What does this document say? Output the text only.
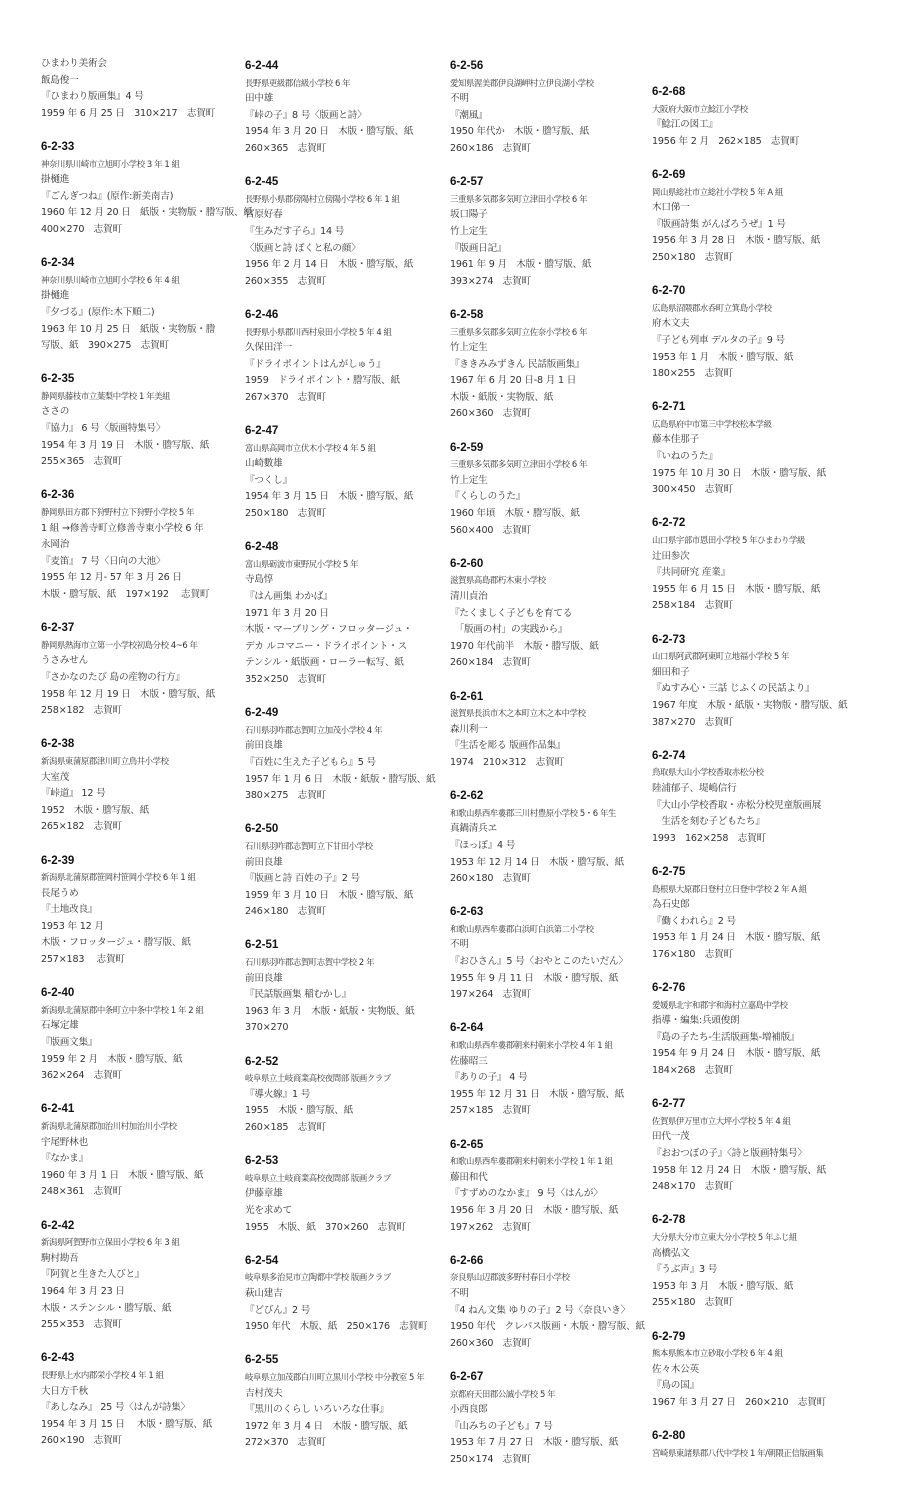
ひまわり美術会
飯島俊一
『ひまわり版画集』4 号
1959 年 6 月 25 日　310×217　志賀町
6-2-33
神奈川県川崎市立旭町小学校 3 年 1 組
掛樋進
『ごんぎつね』(原作:新美南吉)
1960 年 12 月 20 日　紙版・実物版・謄写版、紙
400×270　志賀町
6-2-34
神奈川県川崎市立旭町小学校 6 年 4 組
掛樋進
『夕づる』(原作:木下順二)
1963 年 10 月 25 日　紙版・実物版・謄
写版、紙　390×275　志賀町
6-2-35
静岡県藤枝市立葉梨中学校 1 年美組
ささの
『協力』 6 号〈版画特集号〉
1954 年 3 月 19 日　木版・謄写版、紙
255×365　志賀町
6-2-36
静岡県田方郡下狩野村立下狩野小学校 5 年
1 組 →修善寺町立修善寺東小学校 6 年
永岡治
『麦笛』 7 号〈日向の大池〉
1955 年 12 月- 57 年 3 月 26 日
木版・謄写版、紙　197×192　 志賀町
6-2-37
静岡県熱海市立第一小学校初島分校 4~6 年
うさみせん
『さかなのたび 島の産物の行方』
1958 年 12 月 19 日　木版・謄写版、紙
258×182　志賀町
6-2-38
新潟県東蒲原郡津川町立鳥井小学校
大室茂
『峠道』 12 号
1952　木版・謄写版、紙
265×182　志賀町
6-2-39
新潟県北蒲原郡笹岡村笹岡小学校 6 年 1 組
長尾うめ
『土地改良』
1953 年 12 月
木版・フロッタージュ・謄写版、紙
257×183　 志賀町
6-2-40
新潟県北蒲原郡中条町立中条中学校 1 年 2 組
石塚定雄
『版画文集』
1959 年 2 月　木版・謄写版、紙
362×264　志賀町
6-2-41
新潟県北蒲原郡加治川村加治川小学校
宇尾野林也
『なかま』
1960 年 3 月 1 日　木版・謄写版、紙
248×361　志賀町
6-2-42
新潟県阿賀野市立保田小学校 6 年 3 組
駒村勘吾
『阿賀と生きた人びと』
1964 年 3 月 23 日
木版・ステンシル・謄写版、紙
255×353　志賀町
6-2-43
長野県上水内郡栄小学校 4 年 1 組
大日方千秋
『あしなみ』 25 号〈はんが詩集〉
1954 年 3 月 15 日　 木版・謄写版、紙
260×190　志賀町
6-2-44
長野県更級郡信級小学校 6 年
田中雄
『峠の子』8 号〈版画と詩〉
1954 年 3 月 20 日　木版・謄写版、紙
260×365　志賀町
6-2-45
長野県小県郡傍陽村立傍陽小学校 6 年 1 組
宮原好春
『生みだす子ら』14 号
〈版画と詩 ぼくと私の顔〉
1956 年 2 月 14 日　木版・謄写版、紙
260×355　志賀町
6-2-46
長野県小県郡川西村泉田小学校 5 年 4 組
久保田洋一
『ドライポイントはんがしゅう』
1959　ドライポイント・謄写版、紙
267×370　志賀町
6-2-47
富山県高岡市立伏木小学校 4 年 5 組
山崎數雄
『つくし』
1954 年 3 月 15 日　木版・謄写版、紙
250×180　志賀町
6-2-48
富山県砺波市東野尻小学校 5 年
寺島惇
『はん画集 わかば』
1971 年 3 月 20 日
木版・マーブリング・フロッタージュ・
デカ ルコマニー・ドライポイント・ス
テンシル・紙版画・ローラー転写、紙
352×250　志賀町
6-2-49
石川県羽咋郡志賀町立加茂小学校 4 年
前田良雄
『百姓に生えた子どもら』5 号
1957 年 1 月 6 日　木版・紙版・謄写版、紙
380×275　志賀町
6-2-50
石川県羽咋郡志賀町立下甘田小学校
前田良雄
『版画と詩 百姓の子』2 号
1959 年 3 月 10 日　木版・謄写版、紙
246×180　志賀町
6-2-51
石川県羽咋郡志賀町志賀中学校 2 年
前田良雄
『民話版画集 稲むかし』
1963 年 3 月　木版・紙版・実物版、紙
370×270
6-2-52
岐阜県立土岐商業高校夜間部 版画クラブ
『導火線』1 号
1955　木版・謄写版、紙
260×185　志賀町
6-2-53
岐阜県立土岐商業高校夜間部 版画クラブ
伊藤章雄
光を求めて
1955　木版、紙　370×260　志賀町
6-2-54
岐阜県多治見市立陶都中学校 版画クラブ
萩山建吉
『どびん』2 号
1950 年代　木版、紙　250×176　志賀町
6-2-55
岐阜県立加茂郡白川町立黒川小学校 中分教室 5 年
吉村茂夫
『黒川のくらし いろいろな仕事』
1972 年 3 月 4 日　木版・謄写版、紙
272×370　志賀町
6-2-56
愛知県渥美郡伊良湖岬村立伊良湖小学校
不明
『潮風』
1950 年代か　木版・謄写版、紙
260×186　志賀町
6-2-57
三重県多気郡多気町立津田小学校 6 年
坂口陽子
竹上定生
『版画日記』
1961 年 9 月　木版・謄写版、紙
393×274　志賀町
6-2-58
三重県多気郡多気町立佐奈小学校 6 年
竹上定生
『ききみみずきん 民話版画集』
1967 年 6 月 20 日-8 月 1 日
木版・紙版・実物版、紙
260×360　志賀町
6-2-59
三重県多気郡多気町立津田小学校 6 年
竹上定生
『くらしのうた』
1960 年頃　木版・謄写版、紙
560×400　志賀町
6-2-60
滋賀県高島郡朽木東小学校
清川貞治
『たくましく子どもを育てる
　「版画の村」の実践から』
1970 年代前半　木版・謄写版、紙
260×184　志賀町
6-2-61
滋賀県長浜市木之本町立木之本中学校
森川利一
『生活を彫る 版画作品集』
1974　210×312　志賀町
6-2-62
和歌山県西牟婁郡三川村豊原小学校 5・6 年生
真鍋清兵ヱ
『ほっぽ』4 号
1953 年 12 月 14 日　木版・謄写版、紙
260×180　志賀町
6-2-63
和歌山県西牟婁郡白浜町白浜第二小学校
不明
『おひさん』5 号〈おやとこのたいだん〉
1955 年 9 月 11 日　木版・謄写版、紙
197×264　志賀町
6-2-64
和歌山県西牟婁郡朝来村朝来小学校 4 年 1 組
佐藤昭三
『ありの子』 4 号
1955 年 12 月 31 日　木版・謄写版、紙
257×185　志賀町
6-2-65
和歌山県西牟婁郡朝来村朝来小学校 1 年 1 組
藤田和代
『すずめのなかま』 9 号〈はんが〉
1956 年 3 月 20 日　木版・謄写版、紙
197×262　志賀町
6-2-66
奈良県山辺郡波多野村春日小学校
不明
『4 ねん文集 ゆりの子』2 号〈奈良いき〉
1950 年代　クレパス版画・木版・謄写版、紙
260×360　志賀町
6-2-67
京都府天田郡公誠小学校 5 年
小西良郎
『山みちの子ども』7 号
1953 年 7 月 27 日　木版・謄写版、紙
250×174　志賀町
6-2-68
大阪府大阪市立鯰江小学校
『鯰江の図工』
1956 年 2 月　262×185　志賀町
6-2-69
岡山県総社市立総社小学校 5 年 A 組
木口俤一
『版画詩集 がんばろうぜ』1 号
1956 年 3 月 28 日　木版・謄写版、紙
250×180　志賀町
6-2-70
広島県沼隈郡水呑町立箕島小学校
府木文夫
『子ども列車 デルタの子』9 号
1953 年 1 月　木版・謄写版、紙
180×255　志賀町
6-2-71
広島県府中市第三中学校松本学級
藤本佳那子
『いねのうた』
1975 年 10 月 30 日　木版・謄写版、紙
300×450　志賀町
6-2-72
山口県宇部市恩田小学校 5 年ひまわり学級
辻田参次
『共同研究 産業』
1955 年 6 月 15 日　木版・謄写版、紙
258×184　志賀町
6-2-73
山口県阿武郡阿東町立地福小学校 5 年
細田和子
『ぬすみ心・三話 じふくの民話より』
1967 年度　木版・紙版・実物版・謄写版、紙
387×270　志賀町
6-2-74
鳥取県大山小学校香取赤松分校
陸浦郁子、堤嶋信行
『大山小学校香取・赤松分校児童版画展
　生活を刻む子どもたち』
1993　162×258　志賀町
6-2-75
島根県大原郡日登村立日登中学校 2 年 A 組
為石史郎
『働くわれら』2 号
1953 年 1 月 24 日　木版・謄写版、紙
176×180　志賀町
6-2-76
愛媛県北宇和郡宇和海村立嘉島中学校
指導・編集:兵頭俊朗
『島の子たち-生活版画集-増補版』
1954 年 9 月 24 日　木版・謄写版、紙
184×268　志賀町
6-2-77
佐賀県伊万里市立大坪小学校 5 年 4 組
田代一茂
『おおつぼの子』〈詩と版画特集号〉
1958 年 12 月 24 日　木版・謄写版、紙
248×170　志賀町
6-2-78
大分県大分市立東大分小学校 5 年ふじ組
高橋弘文
『うぶ声』3 号
1953 年 3 月　木版・謄写版、紙
255×180　志賀町
6-2-79
熊本県熊本市立砂取小学校 6 年 4 組
佐々木公英
『鳥の国』
1967 年 3 月 27 日　260×210　志賀町
6-2-80
宮崎県東諸県郡八代中学校 1 年/朝隈正信版画集
